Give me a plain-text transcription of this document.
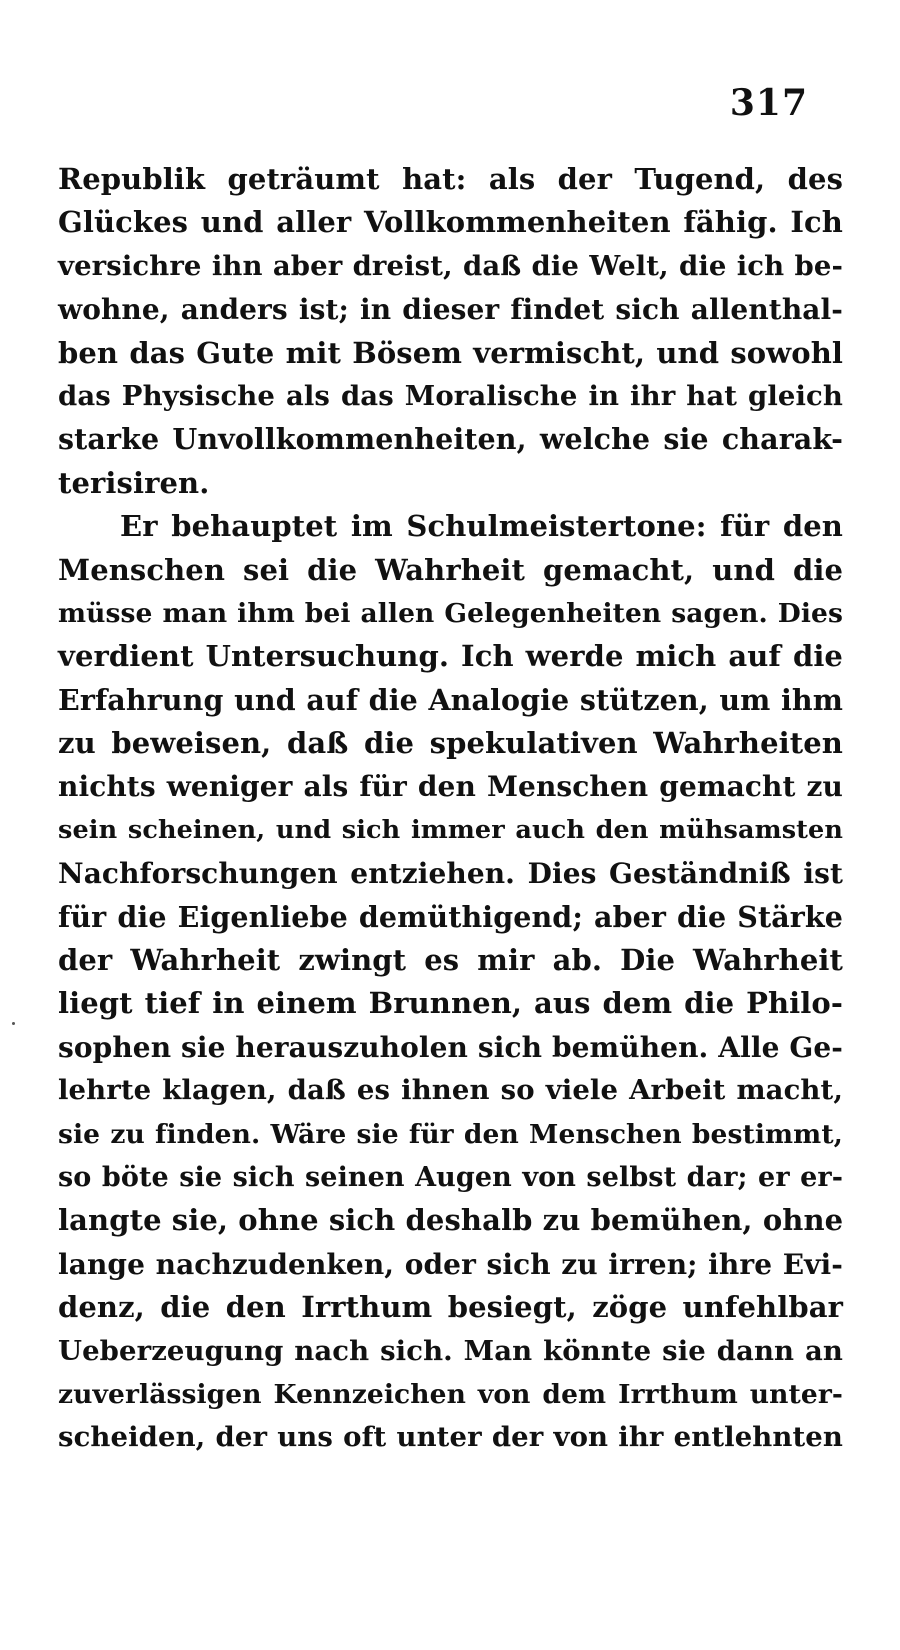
317
Republik geträumt hat: als der Tugend, des
Glückes und aller Vollkommenheiten fähig. Ich
versichre ihn aber dreist, daß die Welt, die ich be-
wohne, anders ist; in dieser findet sich allenthal-
ben das Gute mit Bösem vermischt, und sowohl
das Physische als das Moralische in ihr hat gleich
starke Unvollkommenheiten, welche sie charak-
terisiren.
Er behauptet im Schulmeistertone: für den
Menschen sei die Wahrheit gemacht, und die
müsse man ihm bei allen Gelegenheiten sagen. Dies
verdient Untersuchung. Ich werde mich auf die
Erfahrung und auf die Analogie stützen, um ihm
zu beweisen, daß die spekulativen Wahrheiten
nichts weniger als für den Menschen gemacht zu
sein scheinen, und sich immer auch den mühsamsten
Nachforschungen entziehen. Dies Geständniß ist
für die Eigenliebe demüthigend; aber die Stärke
der Wahrheit zwingt es mir ab. Die Wahrheit
liegt tief in einem Brunnen, aus dem die Philo-
sophen sie herauszuholen sich bemühen. Alle Ge-
lehrte klagen, daß es ihnen so viele Arbeit macht,
sie zu finden. Wäre sie für den Menschen bestimmt,
so böte sie sich seinen Augen von selbst dar; er er-
langte sie, ohne sich deshalb zu bemühen, ohne
lange nachzudenken, oder sich zu irren; ihre Evi-
denz, die den Irrthum besiegt, zöge unfehlbar
Ueberzeugung nach sich. Man könnte sie dann an
zuverlässigen Kennzeichen von dem Irrthum unter-
scheiden, der uns oft unter der von ihr entlehnten
